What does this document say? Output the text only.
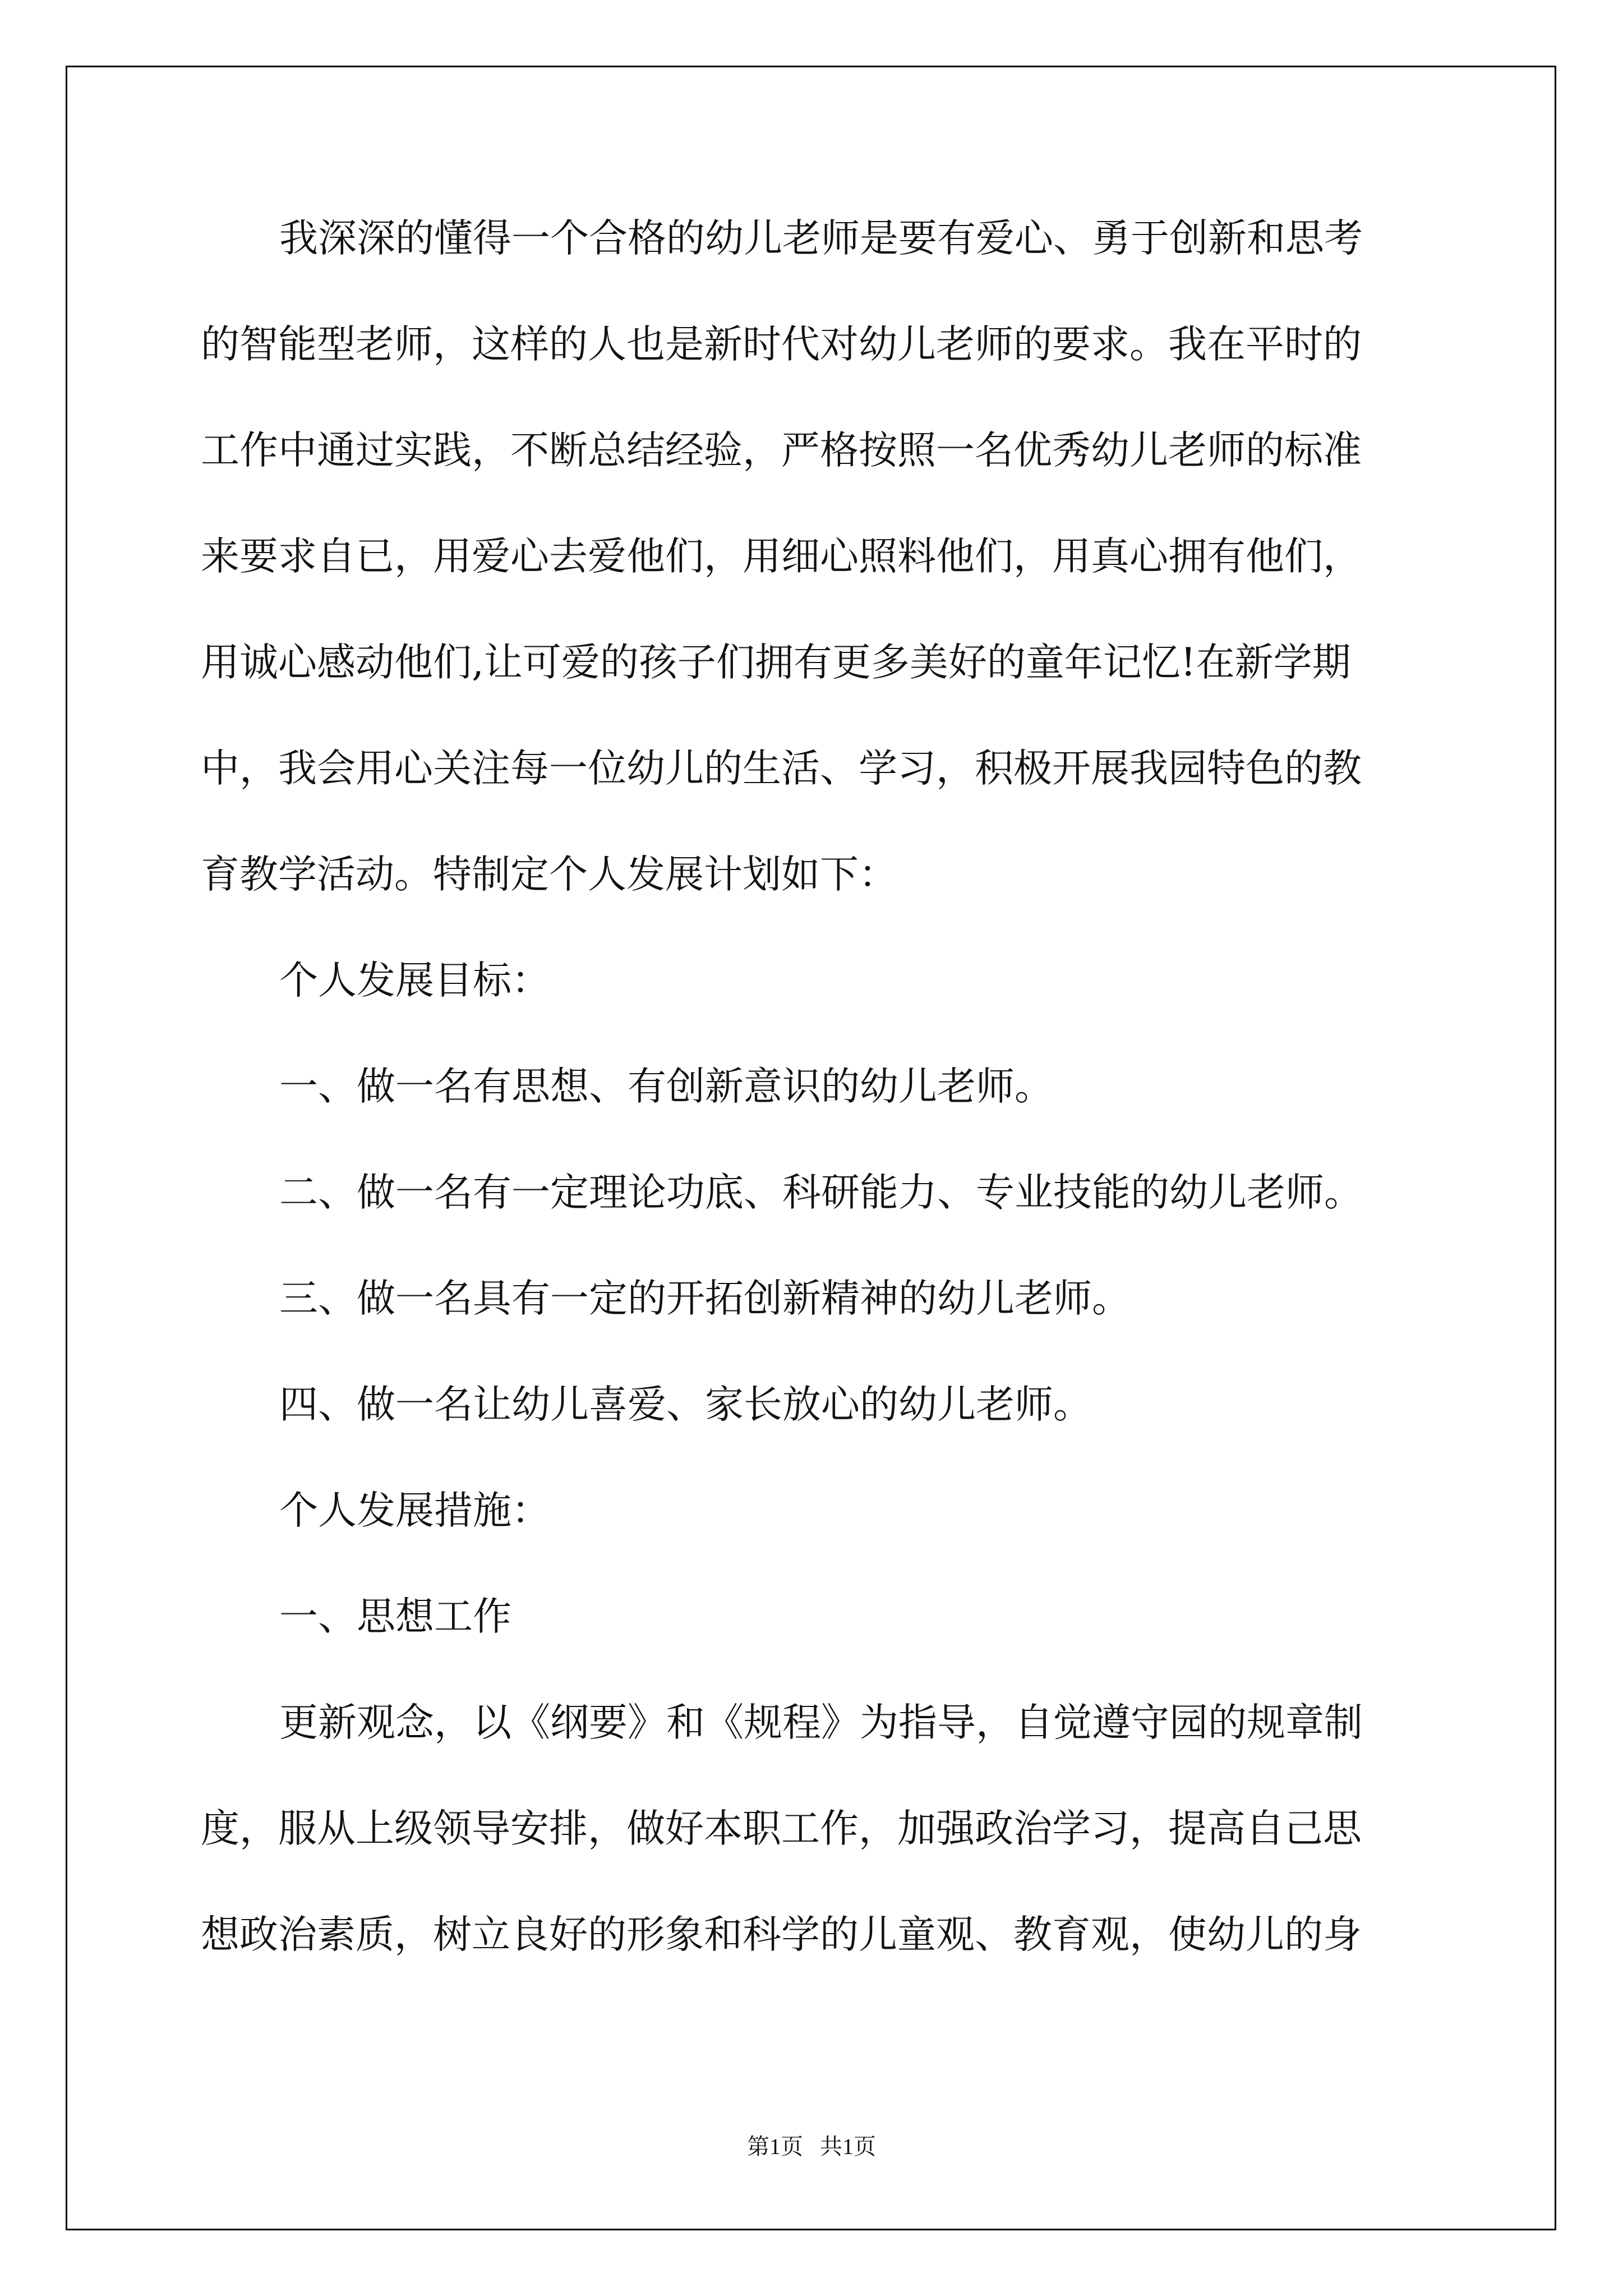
我深深的懂得一个合格的幼儿老师是要有爱心、勇于创新和思考
的智能型老师，这样的人也是新时代对幼儿老师的要求。我在平时的
工作中通过实践，不断总结经验，严格按照一名优秀幼儿老师的标准
来要求自已，用爱心去爱他们，用细心照料他们，用真心拥有他们，
用诚心感动他们,让可爱的孩子们拥有更多美好的童年记忆!在新学期
中，我会用心关注每一位幼儿的生活、学习，积极开展我园特色的教
育教学活动。特制定个人发展计划如下：
个人发展目标：
一、做一名有思想、有创新意识的幼儿老师。
二、做一名有一定理论功底、科研能力、专业技能的幼儿老师。
三、做一名具有一定的开拓创新精神的幼儿老师。
四、做一名让幼儿喜爱、家长放心的幼儿老师。
个人发展措施：
一、思想工作
更新观念，以《纲要》和《规程》为指导，自觉遵守园的规章制
度，服从上级领导安排，做好本职工作，加强政治学习，提高自己思
想政治素质，树立良好的形象和科学的儿童观、教育观，使幼儿的身
第1页   共1页
